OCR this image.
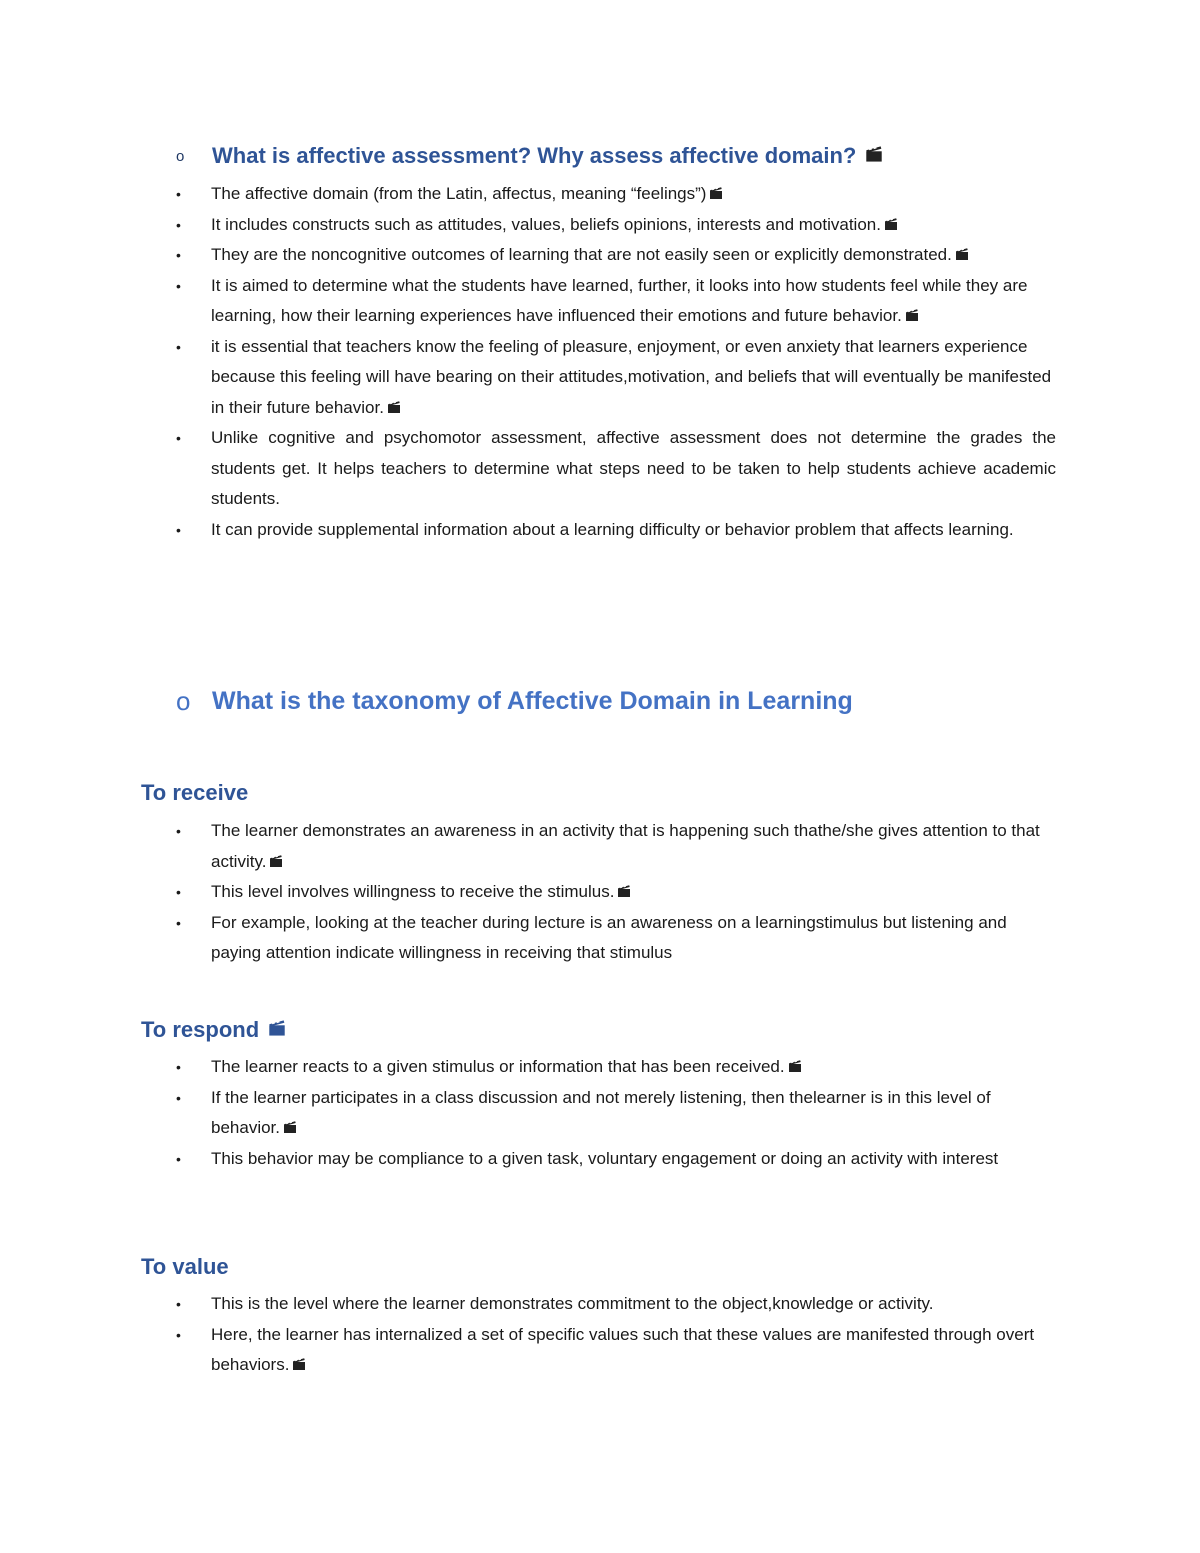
o	What is affective assessment? Why assess affective domain?
• The affective domain (from the Latin, affectus, meaning “feelings”)
• It includes constructs such as attitudes, values, beliefs opinions, interests and motivation.
• They are the noncognitive outcomes of learning that are not easily seen or explicitly demonstrated.
• It is aimed to determine what the students have learned, further, it looks into how students feel while they are learning, how their learning experiences have influenced their emotions and future behavior.
• it is essential that teachers know the feeling of pleasure, enjoyment, or even anxiety that learners experience because this feeling will have bearing on their attitudes,motivation, and beliefs that will eventually be manifested in their future behavior.
• Unlike cognitive and psychomotor assessment, affective assessment does not determine the grades the students get. It helps teachers to determine what steps need to be taken to help students achieve academic students.
• It can provide supplemental information about a learning difficulty or behavior problem that affects learning.
o What is the taxonomy of Affective Domain in Learning
To receive
• The learner demonstrates an awareness in an activity that is happening such thathe/she gives attention to that activity.
• This level involves willingness to receive the stimulus.
• For example, looking at the teacher during lecture is an awareness on a learningstimulus but listening and paying attention indicate willingness in receiving that stimulus
To respond
• The learner reacts to a given stimulus or information that has been received.
• If the learner participates in a class discussion and not merely listening, then thelearner is in this level of behavior.
• This behavior may be compliance to a given task, voluntary engagement or doing an activity with interest
To value
• This is the level where the learner demonstrates commitment to the object,knowledge or activity.
• Here, the learner has internalized a set of specific values such that these values are manifested through overt behaviors.
